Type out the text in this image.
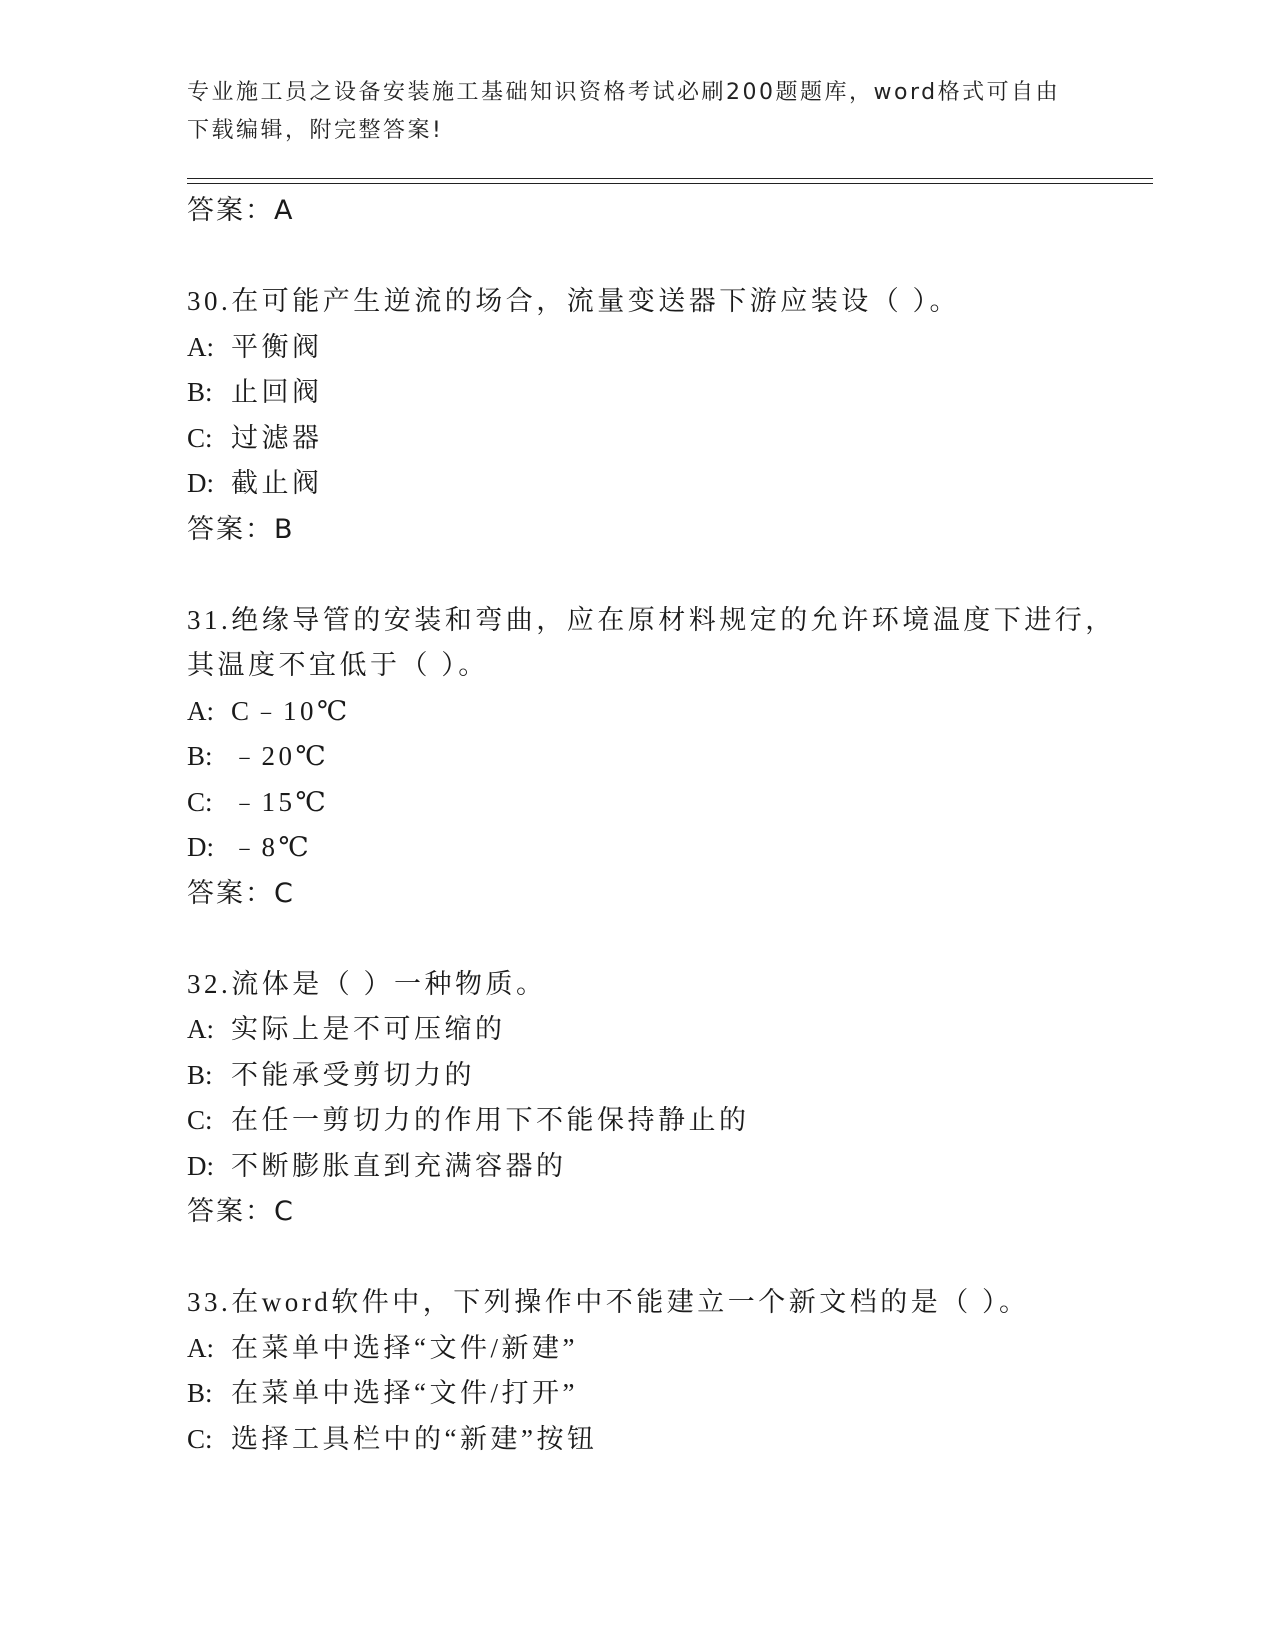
专业施工员之设备安装施工基础知识资格考试必刷200题题库，word格式可自由下载编辑，附完整答案!
答案：A
30.在可能产生逆流的场合，流量变送器下游应装设（ ）。
A: 平衡阀
B: 止回阀
C: 过滤器
D: 截止阀
答案：B
31.绝缘导管的安装和弯曲，应在原材料规定的允许环境温度下进行，
其温度不宜低于（ ）。
A: C﹣10℃
B: ﹣20℃
C: ﹣15℃
D: ﹣8℃
答案：C
32.流体是（ ）一种物质。
A: 实际上是不可压缩的
B: 不能承受剪切力的
C: 在任一剪切力的作用下不能保持静止的
D: 不断膨胀直到充满容器的
答案：C
33.在word软件中，下列操作中不能建立一个新文档的是（ ）。
A: 在菜单中选择“文件/新建”
B: 在菜单中选择“文件/打开”
C: 选择工具栏中的“新建”按钮
